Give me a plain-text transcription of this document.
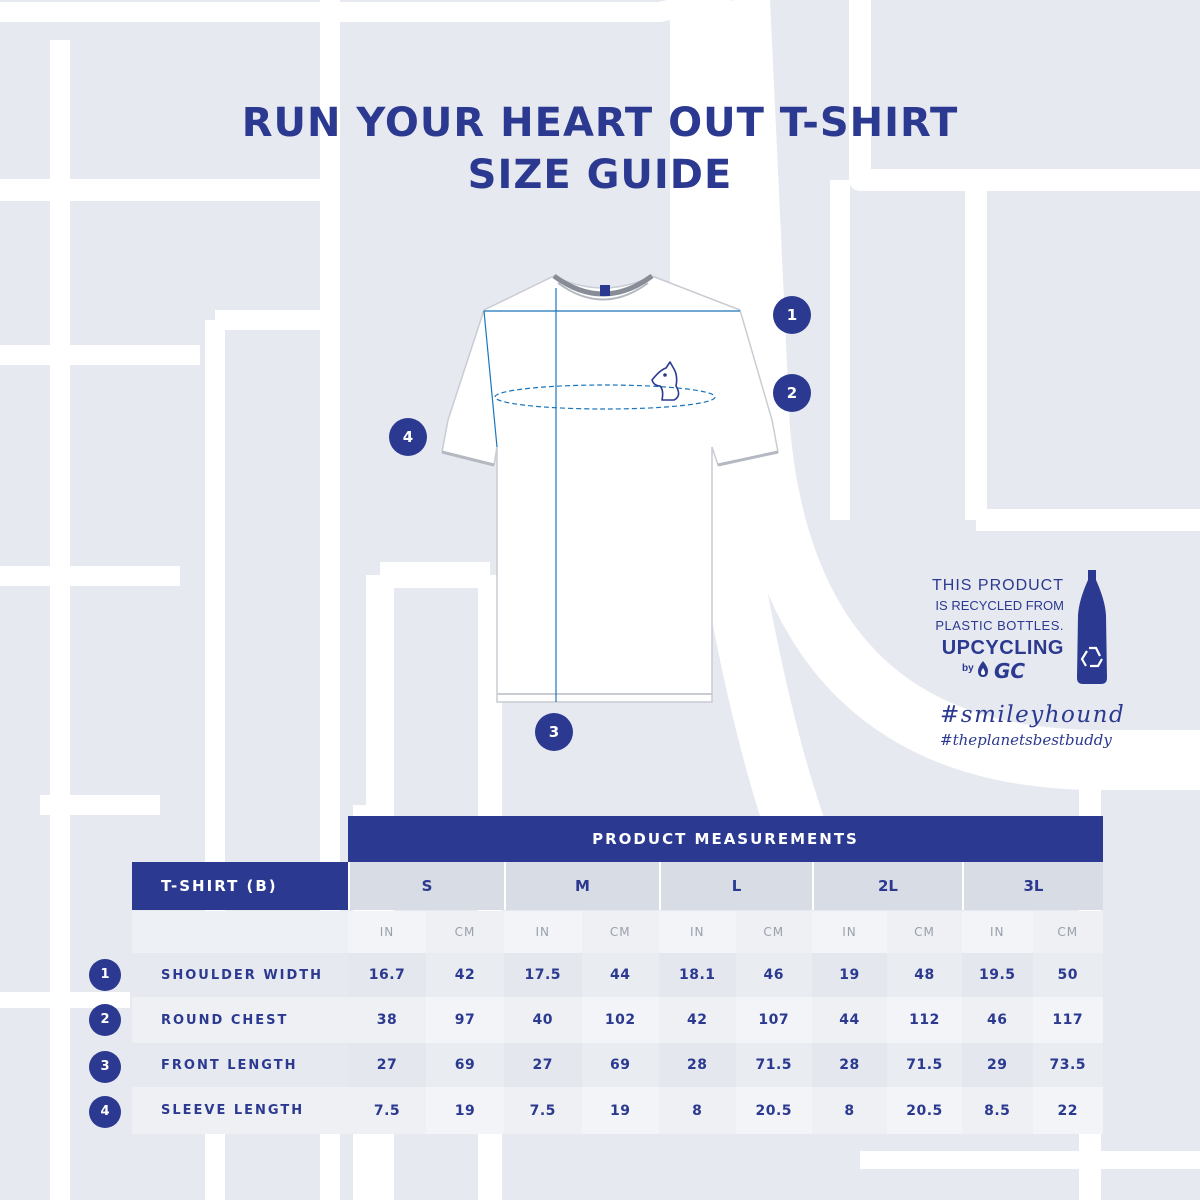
RUN YOUR HEART OUT T-SHIRT
SIZE GUIDE
1
2
3
4
THIS PRODUCT
IS RECYCLED FROM
PLASTIC BOTTLES.
UPCYCLING
by GC
#smileyhound
#theplanetsbestbuddy
PRODUCT MEASUREMENTS
T-SHIRT (B)	S	M	L	2L	3L
IN	CM	IN	CM	IN	CM	IN	CM	IN	CM
SHOULDER WIDTH	16.7	42	17.5	44	18.1	46	19	48	19.5	50
ROUND CHEST	38	97	40	102	42	107	44	112	46	117
FRONT LENGTH	27	69	27	69	28	71.5	28	71.5	29	73.5
SLEEVE LENGTH	7.5	19	7.5	19	8	20.5	8	20.5	8.5	22
1
2
3
4
